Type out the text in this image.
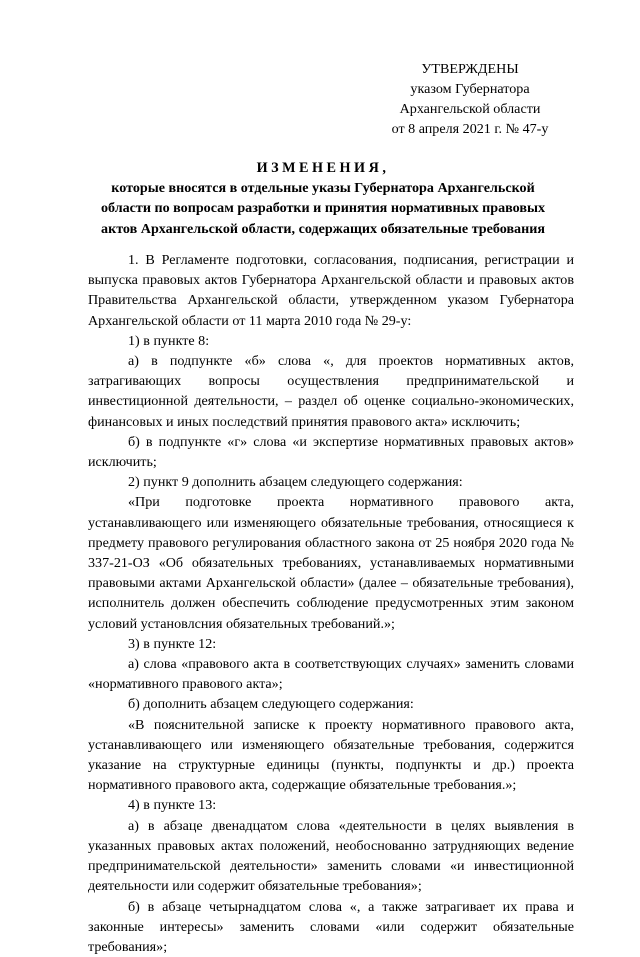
УТВЕРЖДЕНЫ
указом Губернатора
Архангельской области
от 8 апреля 2021 г. № 47-у
ИЗМЕНЕНИЯ,
которые вносятся в отдельные указы Губернатора Архангельской области по вопросам разработки и принятия нормативных правовых актов Архангельской области, содержащих обязательные требования

1. В Регламенте подготовки, согласования, подписания, регистрации и выпуска правовых актов Губернатора Архангельской области и правовых актов Правительства Архангельской области, утвержденном указом Губернатора Архангельской области от 11 марта 2010 года № 29-у:

1) в пункте 8:

а) в подпункте «б» слова «, для проектов нормативных актов, затрагивающих вопросы осуществления предпринимательской и инвестиционной деятельности, – раздел об оценке социально-экономических, финансовых и иных последствий принятия правового акта» исключить;

б) в подпункте «г» слова «и экспертизе нормативных правовых актов» исключить;

2) пункт 9 дополнить абзацем следующего содержания:

«При подготовке проекта нормативного правового акта, устанавливающего или изменяющего обязательные требования, относящиеся к предмету правового регулирования областного закона от 25 ноября 2020 года № 337-21-ОЗ «Об обязательных требованиях, устанавливаемых нормативными правовыми актами Архангельской области» (далее – обязательные требования), исполнитель должен обеспечить соблюдение предусмотренных этим законом условий установлсния обязательных требований.»;

3) в пункте 12:

а) слова «правового акта в соответствующих случаях» заменить словами «нормативного правового акта»;

б) дополнить абзацем следующего содержания:

«В пояснительной записке к проекту нормативного правового акта, устанавливающего или изменяющего обязательные требования, содержится указание на структурные единицы (пункты, подпункты и др.) проекта нормативного правового акта, содержащие обязательные требования.»;

4) в пункте 13:

а) в абзаце двенадцатом слова «деятельности в целях выявления в указанных правовых актах положений, необоснованно затрудняющих ведение предпринимательской деятельности» заменить словами «и инвестиционной деятельности или содержит обязательные требования»;

б) в абзаце четырнадцатом слова «, а также затрагивает их права и законные интересы» заменить словами «или содержит обязательные требования»;
